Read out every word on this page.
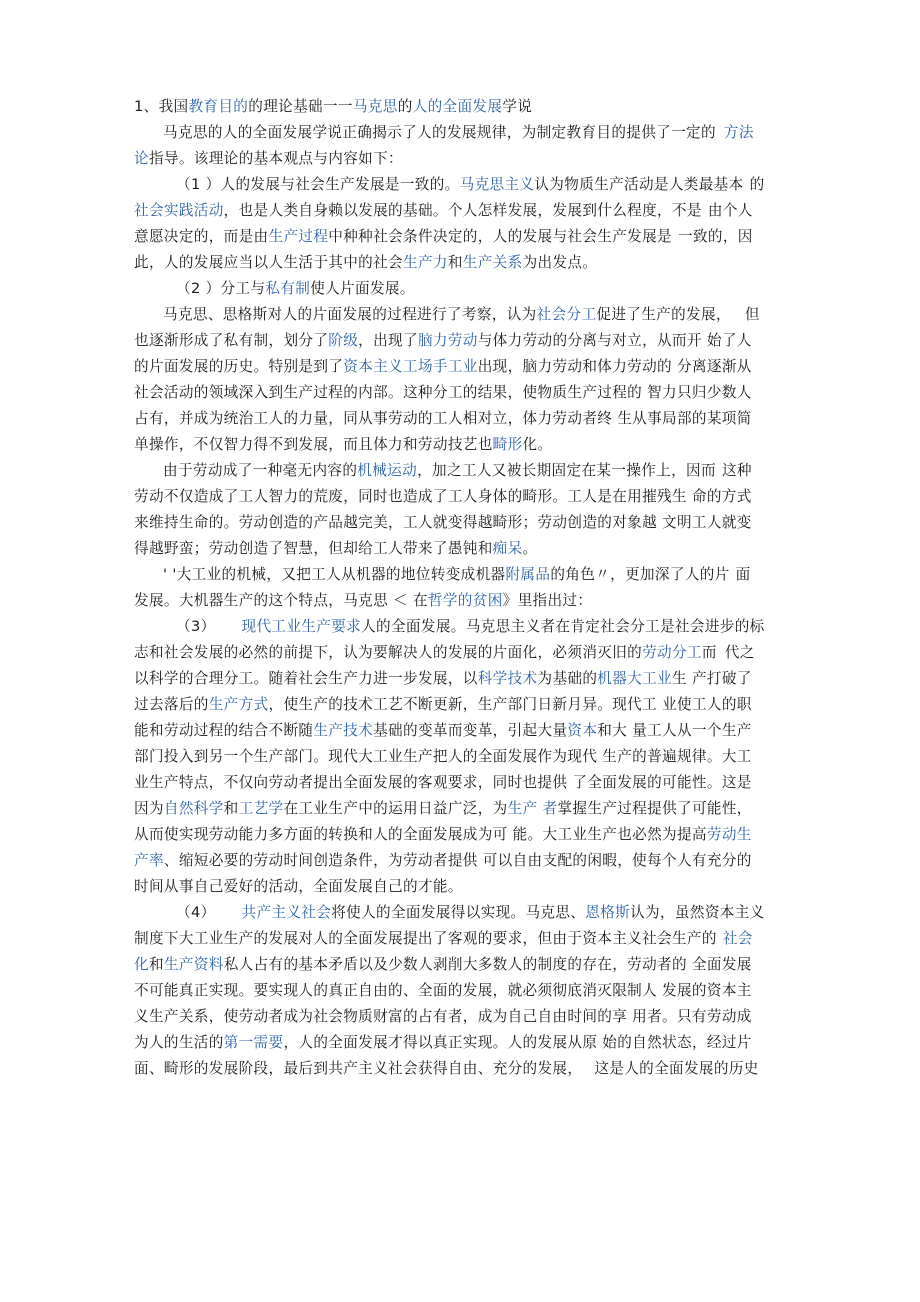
1、我国教育目的的理论基础一一马克思的人的全面发展学说
马克思的人的全面发展学说正确揭示了人的发展规律，为制定教育目的提供了一定的 方法
论指导。该理论的基本观点与内容如下：
（1 ）人的发展与社会生产发展是一致的。马克思主义认为物质生产活动是人类最基本 的
社会实践活动，也是人类自身赖以发展的基础。个人怎样发展，发展到什么程度，不是 由个人
意愿决定的，而是由生产过程中种种社会条件决定的，人的发展与社会生产发展是 一致的，因
此，人的发展应当以人生活于其中的社会生产力和生产关系为出发点。
（2 ）分工与私有制使人片面发展。
马克思、思格斯对人的片面发展的过程进行了考察，认为社会分工促进了生产的发展， 但
也逐渐形成了私有制，划分了阶级，出现了脑力劳动与体力劳动的分离与对立，从而开 始了人
的片面发展的历史。特别是到了资本主义工场手工业出现，脑力劳动和体力劳动的 分离逐渐从
社会活动的领域深入到生产过程的内部。这种分工的结果，使物质生产过程的 智力只归少数人
占有，并成为统治工人的力量，同从事劳动的工人相对立，体力劳动者终 生从事局部的某项简
单操作，不仅智力得不到发展，而且体力和劳动技艺也畸形化。
由于劳动成了一种毫无内容的机械运动，加之工人又被长期固定在某一操作上，因而 这种
劳动不仅造成了工人智力的荒废，同时也造成了工人身体的畸形。工人是在用摧残生 命的方式
来维持生命的。劳动创造的产品越完美，工人就变得越畸形；劳动创造的对象越 文明工人就变
得越野蛮；劳动创造了智慧，但却给工人带来了愚钝和痴呆。
' '大工业的机械，又把工人从机器的地位转变成机器附属品的角色〃，更加深了人的片 面
发展。大机器生产的这个特点，马克思 ＜ 在哲学的贫困》里指出过：
（3） 现代工业生产要求人的全面发展。马克思主义者在肯定社会分工是社会进步的标
志和社会发展的必然的前提下，认为要解决人的发展的片面化，必须消灭旧的劳动分工而 代之
以科学的合理分工。随着社会生产力进一步发展，以科学技术为基础的机器大工业生 产打破了
过去落后的生产方式，使生产的技术工艺不断更新，生产部门日新月异。现代工 业使工人的职
能和劳动过程的结合不断随生产技术基础的变革而变革，引起大量资本和大 量工人从一个生产
部门投入到另一个生产部门。现代大工业生产把人的全面发展作为现代 生产的普遍规律。大工
业生产特点，不仅向劳动者提出全面发展的客观要求，同时也提供 了全面发展的可能性。这是
因为自然科学和工艺学在工业生产中的运用日益广泛，为生产 者掌握生产过程提供了可能性，
从而使实现劳动能力多方面的转换和人的全面发展成为可 能。大工业生产也必然为提高劳动生
产率、缩短必要的劳动时间创造条件，为劳动者提供 可以自由支配的闲暇，使每个人有充分的
时间从事自己爱好的活动，全面发展自己的才能。
（4） 共产主义社会将使人的全面发展得以实现。马克思、恩格斯认为，虽然资本主义
制度下大工业生产的发展对人的全面发展提出了客观的要求，但由于资本主义社会生产的 社会
化和生产资料私人占有的基本矛盾以及少数人剥削大多数人的制度的存在，劳动者的 全面发展
不可能真正实现。要实现人的真正自由的、全面的发展，就必须彻底消灭限制人 发展的资本主
义生产关系，使劳动者成为社会物质财富的占有者，成为自己自由时间的享 用者。只有劳动成
为人的生活的第一需要，人的全面发展才得以真正实现。人的发展从原 始的自然状态，经过片
面、畸形的发展阶段，最后到共产主义社会获得自由、充分的发展， 这是人的全面发展的历史
